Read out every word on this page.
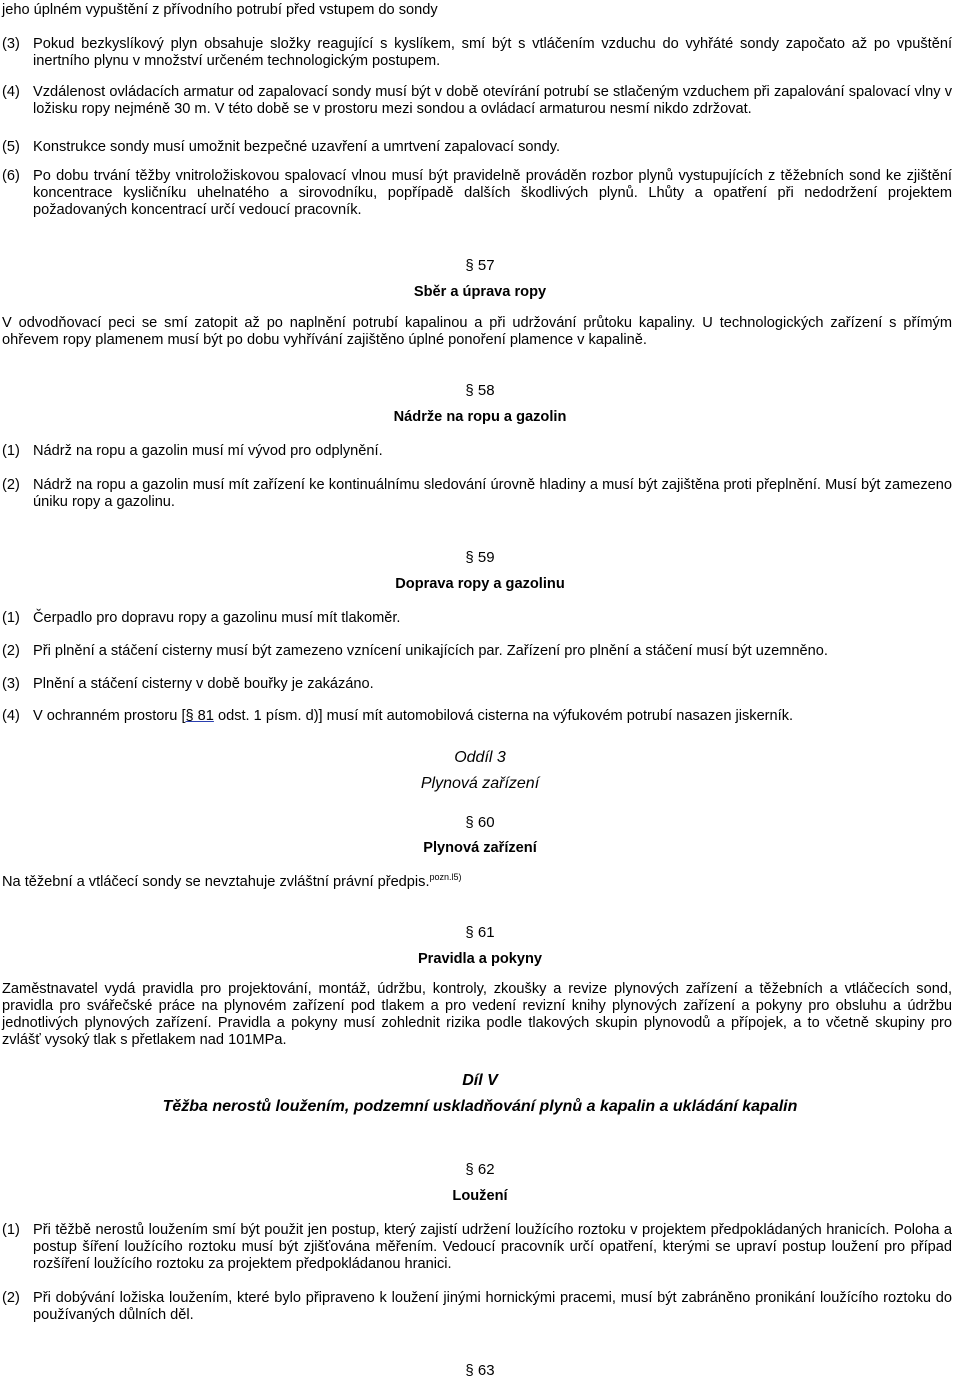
jeho úplném vypuštění z přívodního potrubí před vstupem do sondy
(3) Pokud bezkyslíkový plyn obsahuje složky reagující s kyslíkem, smí být s vtláčením vzduchu do vyhřáté sondy započato až po vpuštění inertního plynu v množství určeném technologickým postupem.
(4) Vzdálenost ovládacích armatur od zapalovací sondy musí být v době otevírání potrubí se stlačeným vzduchem při zapalování spalovací vlny v ložisku ropy nejméně 30 m. V této době se v prostoru mezi sondou a ovládací armaturou nesmí nikdo zdržovat.
(5) Konstrukce sondy musí umožnit bezpečné uzavření a umrtvení zapalovací sondy.
(6) Po dobu trvání těžby vnitroložiskovou spalovací vlnou musí být pravidelně prováděn rozbor plynů vystupujících z těžebních sond ke zjištění koncentrace kysličníku uhelnatého a sirovodníku, popřípadě dalších škodlivých plynů. Lhůty a opatření při nedodržení projektem požadovaných koncentrací určí vedoucí pracovník.
§ 57
Sběr a úprava ropy
V odvodňovací peci se smí zatopit až po naplnění potrubí kapalinou a při udržování průtoku kapaliny. U technologických zařízení s přímým ohřevem ropy plamenem musí být po dobu vyhřívání zajištěno úplné ponoření plamence v kapalině.
§ 58
Nádrže na ropu a gazolin
(1) Nádrž na ropu a gazolin musí mí vývod pro odplynění.
(2) Nádrž na ropu a gazolin musí mít zařízení ke kontinuálnímu sledování úrovně hladiny a musí být zajištěna proti přeplnění. Musí být zamezeno úniku ropy a gazolinu.
§ 59
Doprava ropy a gazolinu
(1) Čerpadlo pro dopravu ropy a gazolinu musí mít tlakoměr.
(2) Při plnění a stáčení cisterny musí být zamezeno vznícení unikajících par. Zařízení pro plnění a stáčení musí být uzemněno.
(3) Plnění a stáčení cisterny v době bouřky je zakázáno.
(4) V ochranném prostoru [§ 81 odst. 1 písm. d)] musí mít automobilová cisterna na výfukovém potrubí nasazen jiskerník.
Oddíl 3
Plynová zařízení
§ 60
Plynová zařízení
Na těžební a vtláčecí sondy se nevztahuje zvláštní právní předpis.$^{pozn.l5)}$
§ 61
Pravidla a pokyny
Zaměstnavatel vydá pravidla pro projektování, montáž, údržbu, kontroly, zkoušky a revize plynových zařízení a těžebních a vtláčecích sond, pravidla pro svářečské práce na plynovém zařízení pod tlakem a pro vedení revizní knihy plynových zařízení a pokyny pro obsluhu a údržbu jednotlivých plynových zařízení. Pravidla a pokyny musí zohlednit rizika podle tlakových skupin plynovodů a přípojek, a to včetně skupiny pro zvlášť vysoký tlak s přetlakem nad 101MPa.
Díl V
Těžba nerostů loužením, podzemní uskladňování plynů a kapalin a ukládání kapalin
§ 62
Loužení
(1) Při těžbě nerostů loužením smí být použit jen postup, který zajistí udržení loužícího roztoku v projektem předpokládaných hranicích. Poloha a postup šíření loužícího roztoku musí být zjišťována měřením. Vedoucí pracovník určí opatření, kterými se upraví postup loužení pro případ rozšíření loužícího roztoku za projektem předpokládanou hranici.
(2) Při dobývání ložiska loužením, které bylo připraveno k loužení jinými hornickými pracemi, musí být zabráněno pronikání loužícího roztoku do používaných důlních děl.
§ 63
